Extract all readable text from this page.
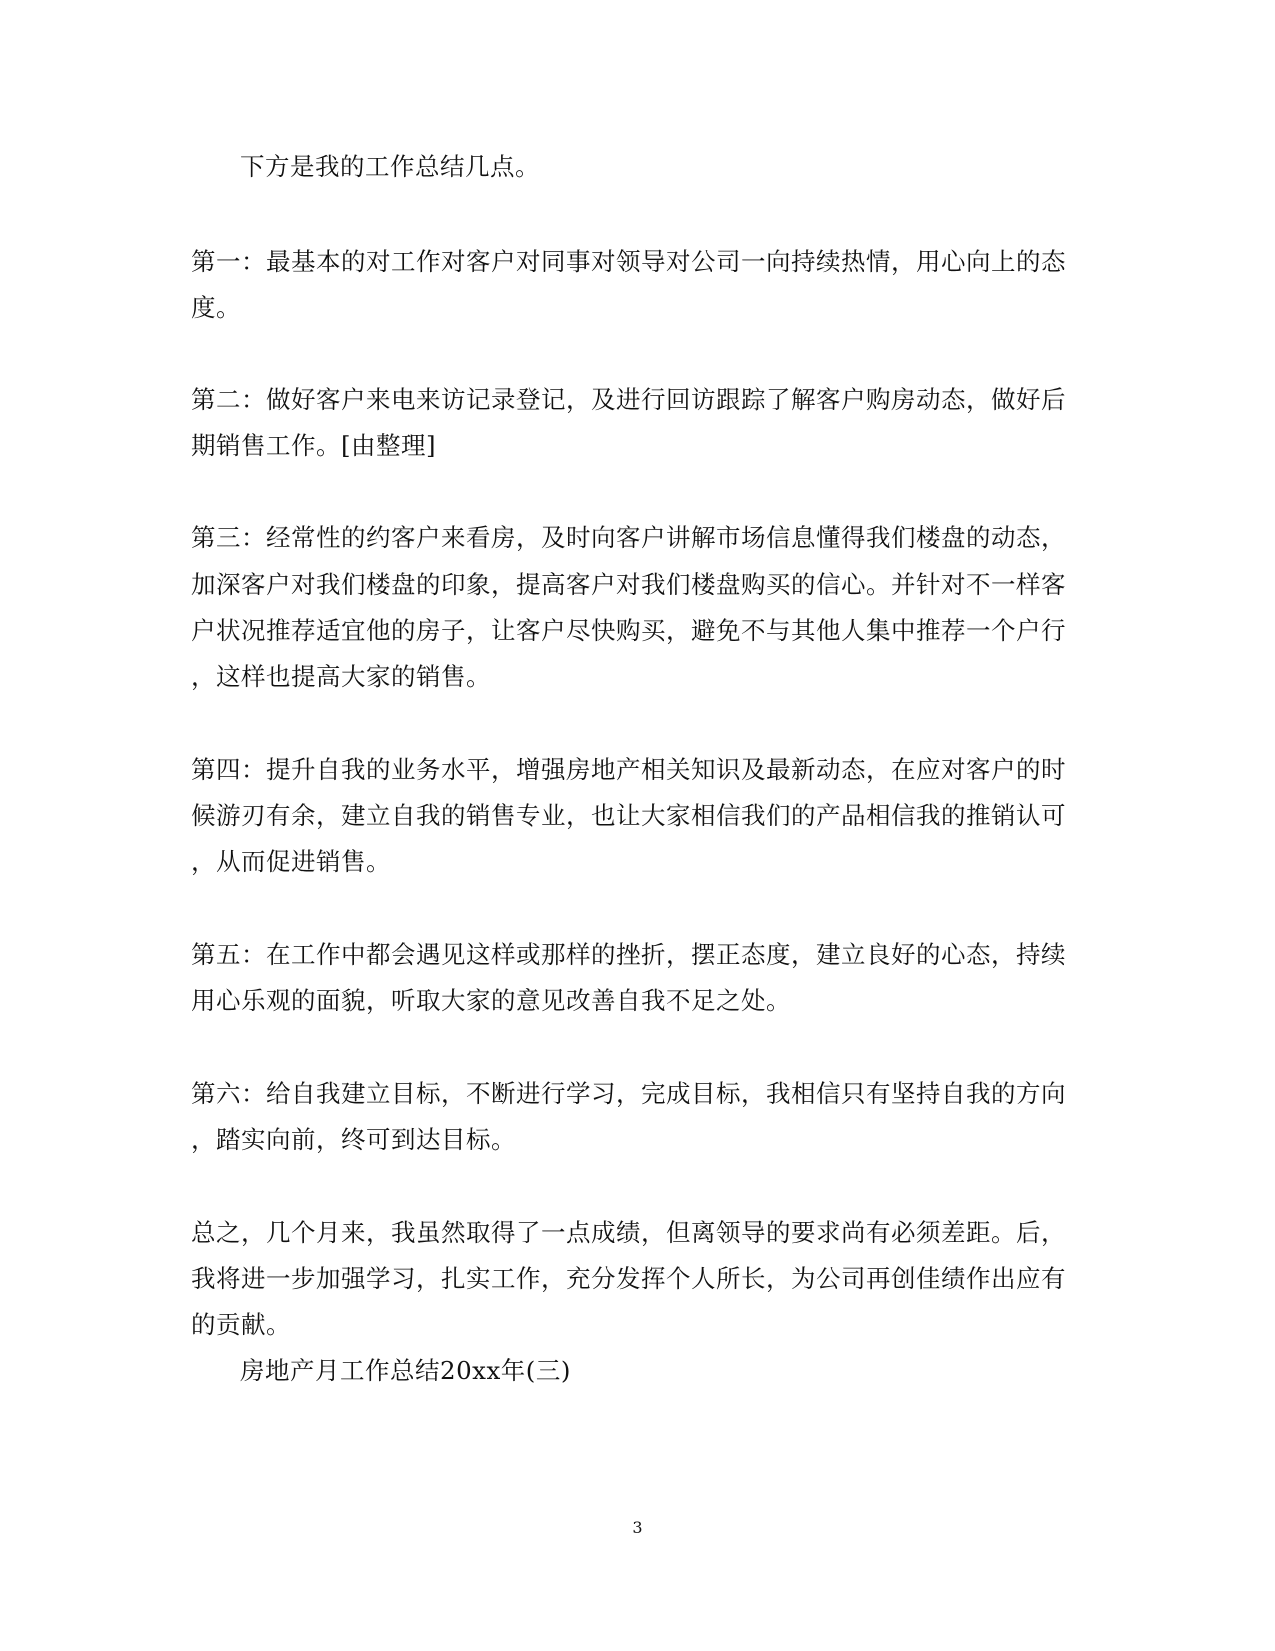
下方是我的工作总结几点。
第一：最基本的对工作对客户对同事对领导对公司一向持续热情，用心向上的态
度。
第二：做好客户来电来访记录登记，及进行回访跟踪了解客户购房动态，做好后
期销售工作。[由整理]
第三：经常性的约客户来看房，及时向客户讲解市场信息懂得我们楼盘的动态，
加深客户对我们楼盘的印象，提高客户对我们楼盘购买的信心。并针对不一样客
户状况推荐适宜他的房子，让客户尽快购买，避免不与其他人集中推荐一个户行
，这样也提高大家的销售。
第四：提升自我的业务水平，增强房地产相关知识及最新动态，在应对客户的时
候游刃有余，建立自我的销售专业，也让大家相信我们的产品相信我的推销认可
，从而促进销售。
第五：在工作中都会遇见这样或那样的挫折，摆正态度，建立良好的心态，持续
用心乐观的面貌，听取大家的意见改善自我不足之处。
第六：给自我建立目标，不断进行学习，完成目标，我相信只有坚持自我的方向
，踏实向前，终可到达目标。
总之，几个月来，我虽然取得了一点成绩，但离领导的要求尚有必须差距。后，
我将进一步加强学习，扎实工作，充分发挥个人所长，为公司再创佳绩作出应有
的贡献。
房地产月工作总结20xx年(三)
3
